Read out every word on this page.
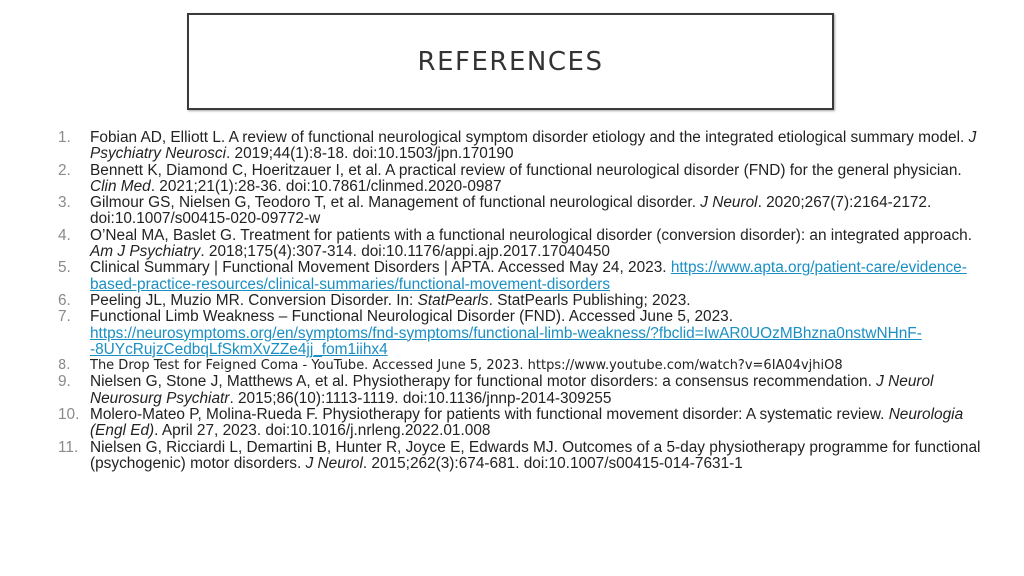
REFERENCES

1.	Fobian AD, Elliott L. A review of functional neurological symptom disorder etiology and the integrated etiological summary model. J Psychiatry Neurosci. 2019;44(1):8-18. doi:10.1503/jpn.170190

2.	Bennett K, Diamond C, Hoeritzauer I, et al. A practical review of functional neurological disorder (FND) for the general physician. Clin Med. 2021;21(1):28-36. doi:10.7861/clinmed.2020-0987

3.	Gilmour GS, Nielsen G, Teodoro T, et al. Management of functional neurological disorder. J Neurol. 2020;267(7):2164-2172. doi:10.1007/s00415-020-09772-w

4.	O’Neal MA, Baslet G. Treatment for patients with a functional neurological disorder (conversion disorder): an integrated approach. Am J Psychiatry. 2018;175(4):307-314. doi:10.1176/appi.ajp.2017.17040450

5.	Clinical Summary | Functional Movement Disorders | APTA. Accessed May 24, 2023. https://www.apta.org/patient-care/evidence-based-practice-resources/clinical-summaries/functional-movement-disorders

6.	Peeling JL, Muzio MR. Conversion Disorder. In: StatPearls. StatPearls Publishing; 2023.

7.	Functional Limb Weakness – Functional Neurological Disorder (FND). Accessed June 5, 2023. https://neurosymptoms.org/en/symptoms/fnd-symptoms/functional-limb-weakness/?fbclid=IwAR0UOzMBhzna0nstwNHnF--8UYcRujzCedbqLfSkmXvZZe4jj_fom1iihx4

8.	The Drop Test for Feigned Coma - YouTube. Accessed June 5, 2023. https://www.youtube.com/watch?v=6IA04vjhiO8

9.	Nielsen G, Stone J, Matthews A, et al. Physiotherapy for functional motor disorders: a consensus recommendation. J Neurol Neurosurg Psychiatr. 2015;86(10):1113-1119. doi:10.1136/jnnp-2014-309255

10. Molero-Mateo P, Molina-Rueda F. Physiotherapy for patients with functional movement disorder: A systematic review. Neurologia (Engl Ed). April 27, 2023. doi:10.1016/j.nrleng.2022.01.008

11. Nielsen G, Ricciardi L, Demartini B, Hunter R, Joyce E, Edwards MJ. Outcomes of a 5-day physiotherapy programme for functional (psychogenic) motor disorders. J Neurol. 2015;262(3):674-681. doi:10.1007/s00415-014-7631-1
